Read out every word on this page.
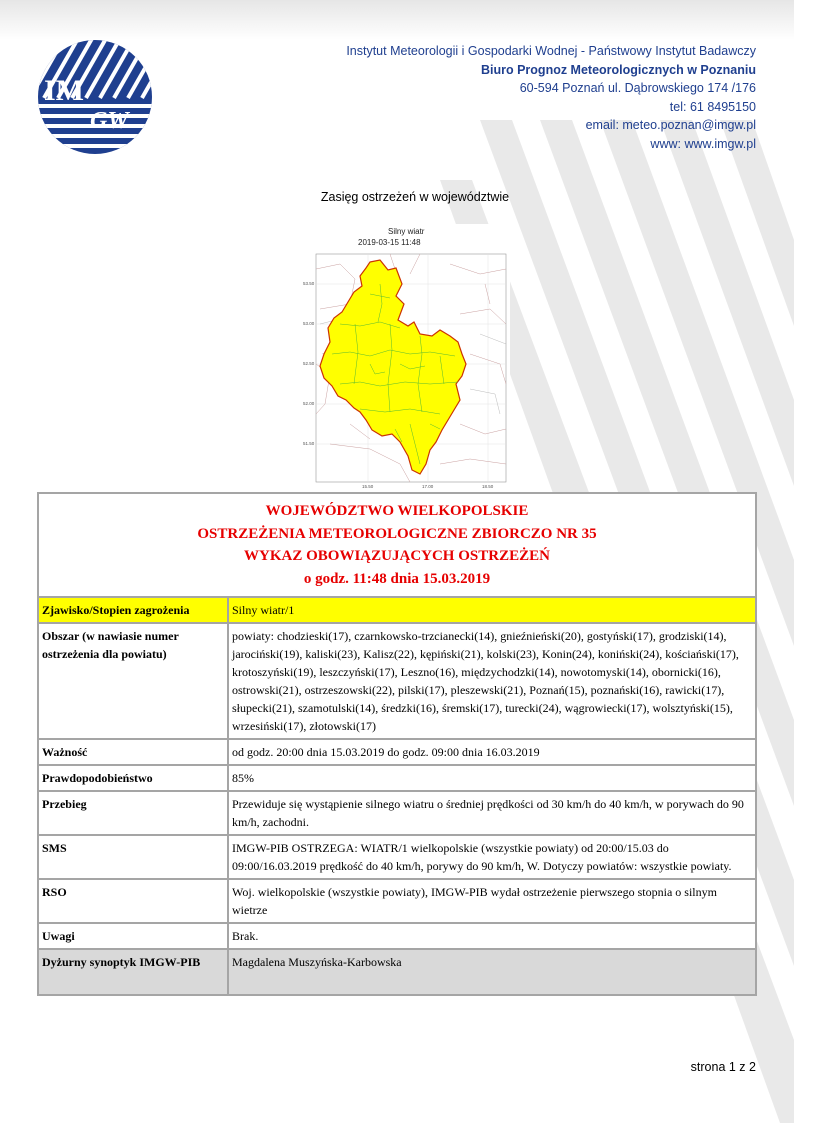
IM
GW
Instytut Meteorologii i Gospodarki Wodnej - Państwowy Instytut Badawczy
Biuro Prognoz Meteorologicznych w Poznaniu
60-594 Poznań ul. Dąbrowskiego 174 /176
tel: 61 8495150
email: meteo.poznan@imgw.pl
www: www.imgw.pl
Zasięg ostrzeżeń w województwie
Silny wiatr
2019-03-15 11:48
53.50
53.00
52.50
52.00
51.50
15.50	17.00	18.50
WOJEWÓDZTWO WIELKOPOLSKIE
OSTRZEŻENIA METEOROLOGICZNE ZBIORCZO NR 35
WYKAZ OBOWIĄZUJĄCYCH OSTRZEŻEŃ
o godz. 11:48 dnia 15.03.2019	

Zjawisko/Stopien zagrożenia	Silny wiatr/1
Obszar (w nawiasie numer ostrzeżenia dla powiatu)	powiaty: chodzieski(17), czarnkowsko-trzcianecki(14), gnieźnieński(20), gostyński(17), grodziski(14), jarociński(19), kaliski(23), Kalisz(22), kępiński(21), kolski(23), Konin(24), koniński(24), kościański(17), krotoszyński(19), leszczyński(17), Leszno(16), międzychodzki(14), nowotomyski(14), obornicki(16), ostrowski(21), ostrzeszowski(22), pilski(17), pleszewski(21), Poznań(15), poznański(16), rawicki(17), słupecki(21), szamotulski(14), średzki(16), śremski(17), turecki(24), wągrowiecki(17), wolsztyński(15), wrzesiński(17), złotowski(17)
Ważność	od godz. 20:00 dnia 15.03.2019 do godz. 09:00 dnia 16.03.2019
Prawdopodobieństwo	85%
Przebieg	Przewiduje się wystąpienie silnego wiatru o średniej prędkości od 30 km/h do 40 km/h, w porywach do 90 km/h, zachodni.
SMS	IMGW-PIB OSTRZEGA: WIATR/1 wielkopolskie (wszystkie powiaty) od 20:00/15.03 do 09:00/16.03.2019 prędkość do 40 km/h, porywy do 90 km/h, W. Dotyczy powiatów: wszystkie powiaty.
RSO	Woj. wielkopolskie (wszystkie powiaty), IMGW-PIB wydał ostrzeżenie pierwszego stopnia o silnym wietrze
Uwagi	Brak.
Dyżurny synoptyk IMGW-PIB	Magdalena Muszyńska-Karbowska
strona 1 z 2
